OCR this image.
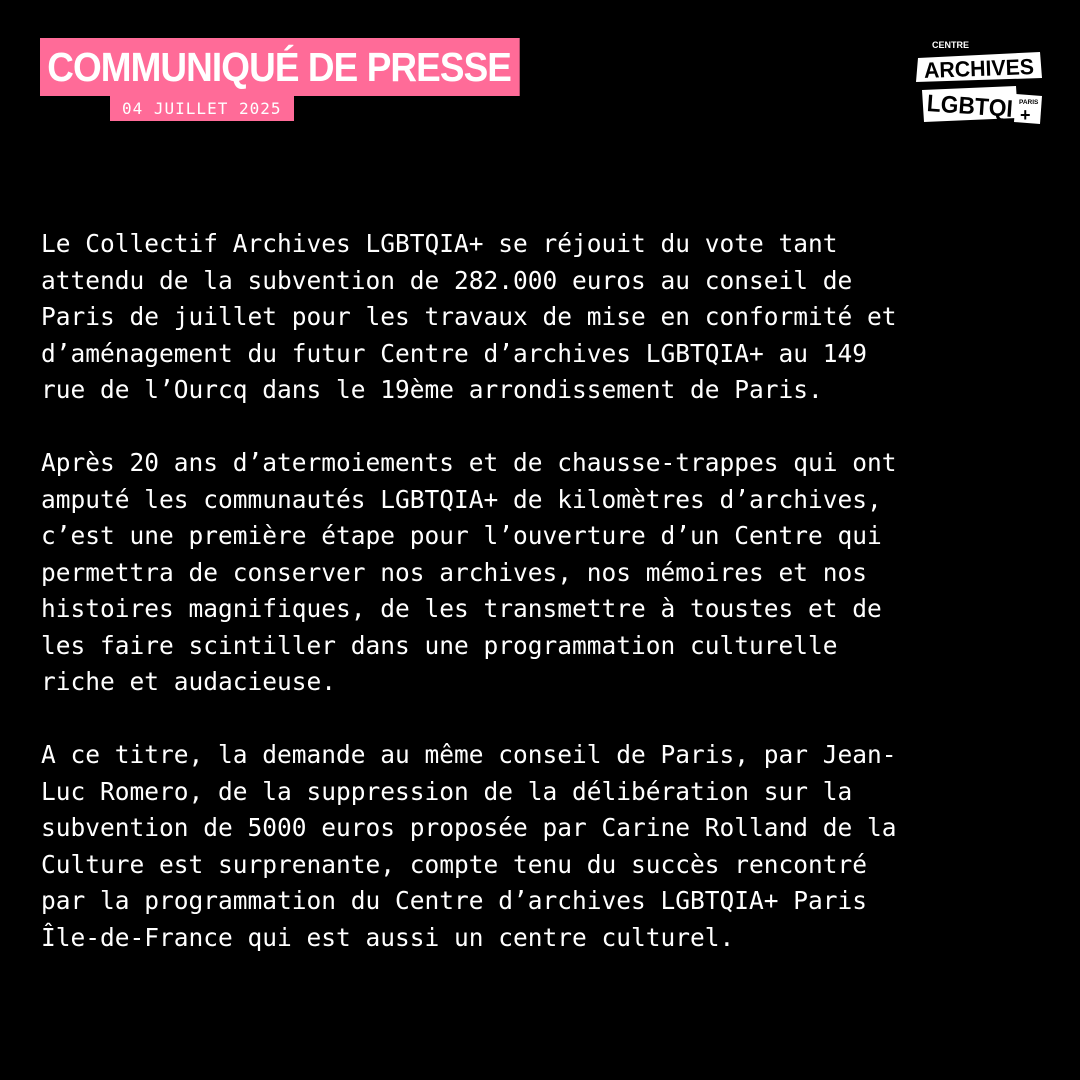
COMMUNIQUÉ DE PRESSE
04 JUILLET 2025
CENTRE
ARCHIVES
LGBTQI PARIS
+

Le Collectif Archives LGBTQIA+ se réjouit du vote tant
attendu de la subvention de 282.000 euros au conseil de
Paris de juillet pour les travaux de mise en conformité et
d’aménagement du futur Centre d’archives LGBTQIA+ au 149
rue de l’Ourcq dans le 19ème arrondissement de Paris.

Après 20 ans d’atermoiements et de chausse-trappes qui ont
amputé les communautés LGBTQIA+ de kilomètres d’archives,
c’est une première étape pour l’ouverture d’un Centre qui
permettra de conserver nos archives, nos mémoires et nos
histoires magnifiques, de les transmettre à toustes et de
les faire scintiller dans une programmation culturelle
riche et audacieuse.

A ce titre, la demande au même conseil de Paris, par Jean-
Luc Romero, de la suppression de la délibération sur la
subvention de 5000 euros proposée par Carine Rolland de la
Culture est surprenante, compte tenu du succès rencontré
par la programmation du Centre d’archives LGBTQIA+ Paris
Île-de-France qui est aussi un centre culturel.
